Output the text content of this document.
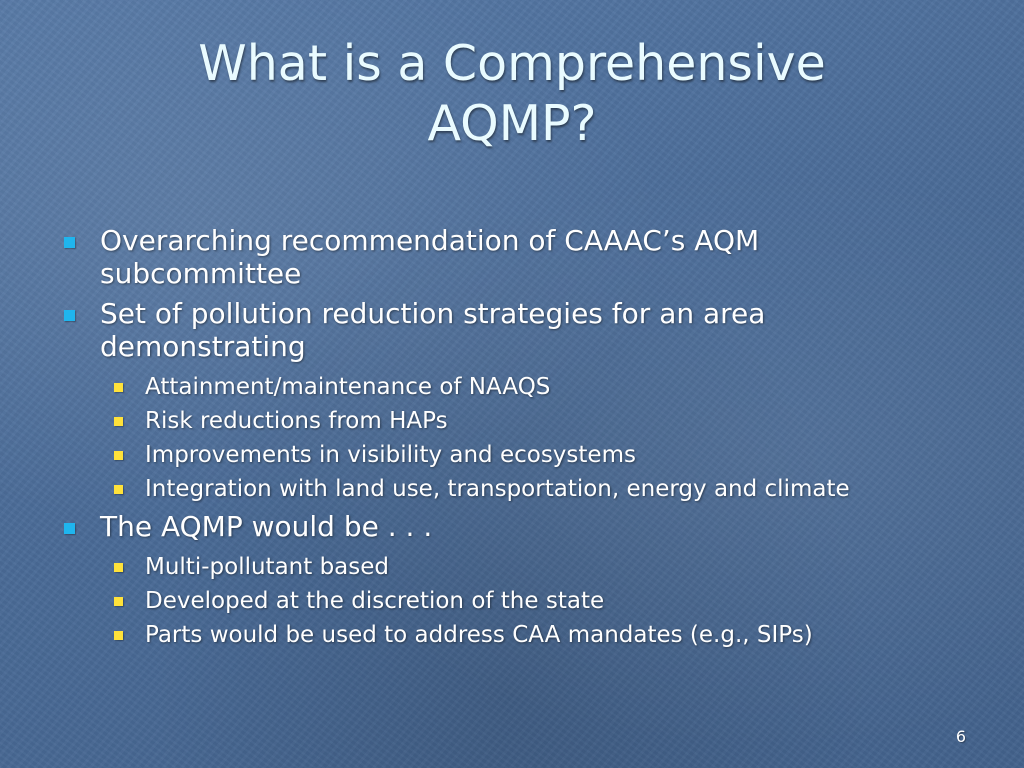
What is a Comprehensive
AQMP?
Overarching recommendation of CAAAC’s AQM
subcommittee
Set of pollution reduction strategies for an area
demonstrating
Attainment/maintenance of NAAQS
Risk reductions from HAPs
Improvements in visibility and ecosystems
Integration with land use, transportation, energy and climate
The AQMP would be . . .
Multi-pollutant based
Developed at the discretion of the state
Parts would be used to address CAA mandates (e.g., SIPs)
6
